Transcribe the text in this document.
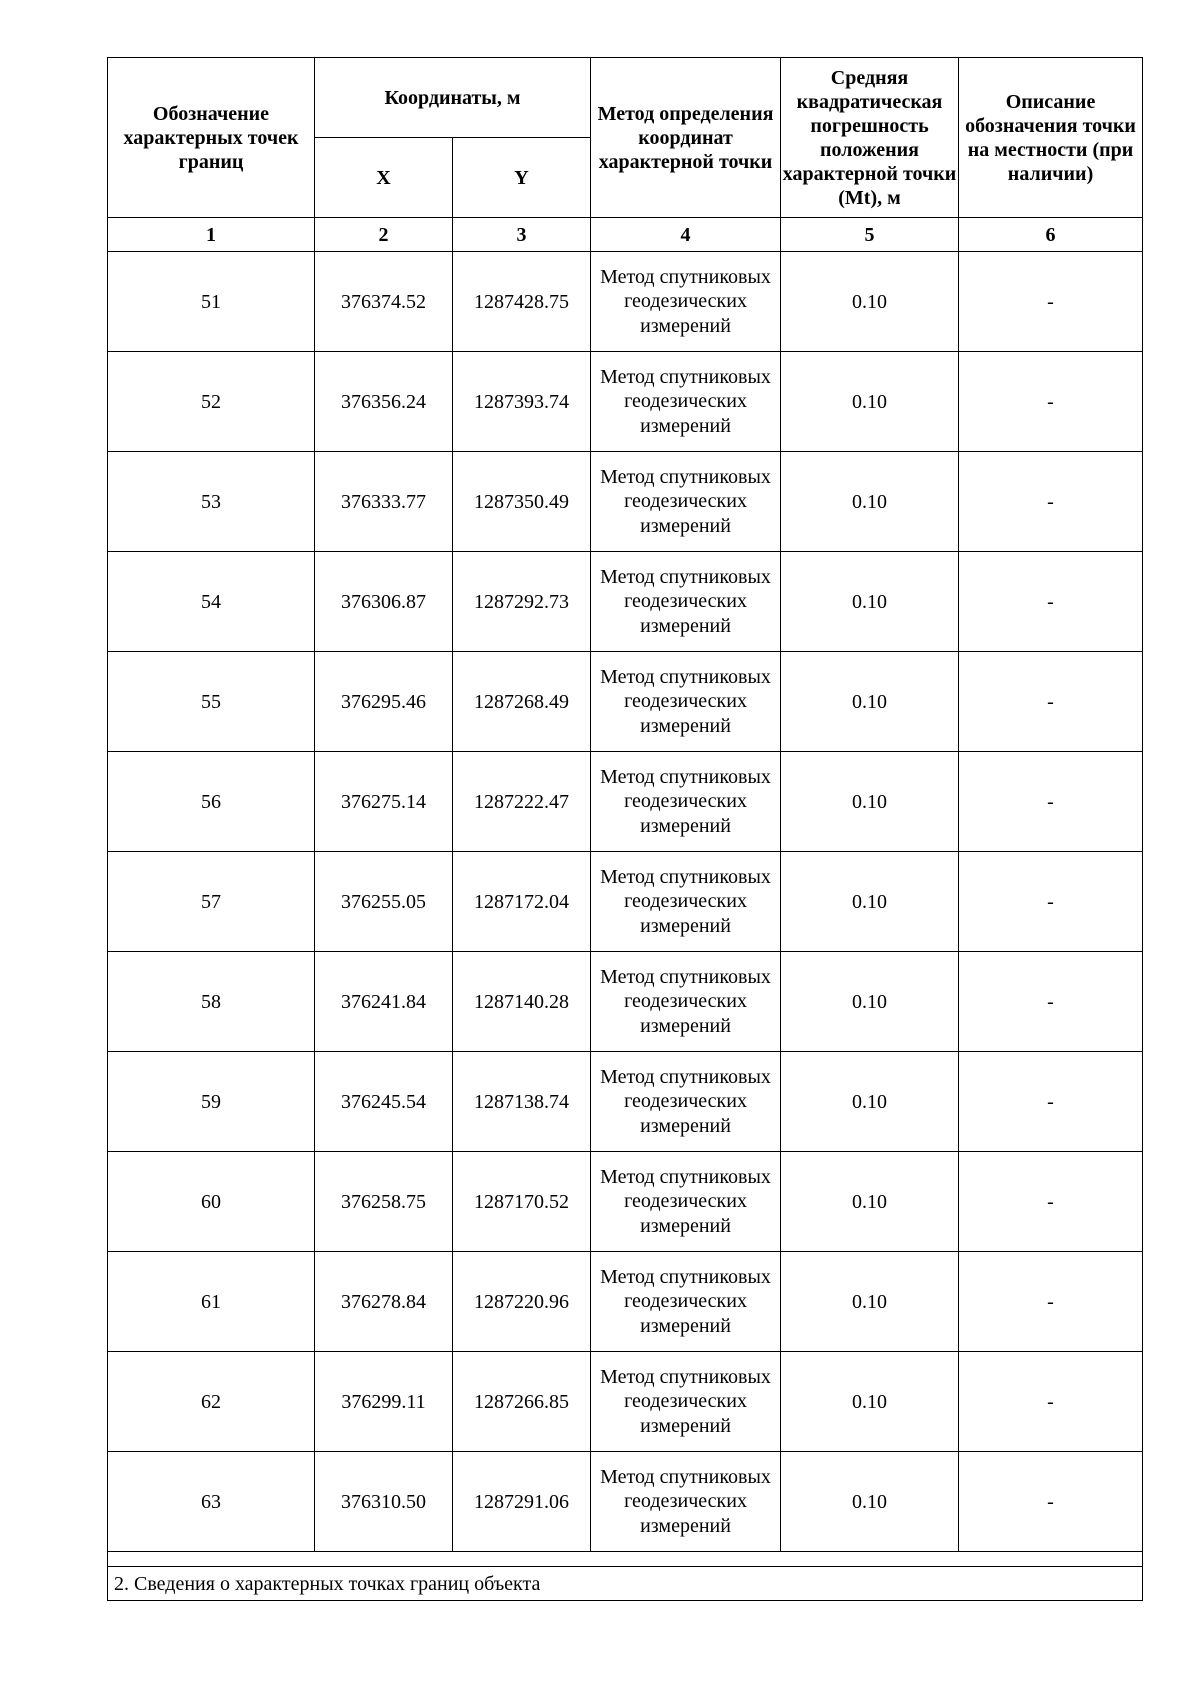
Обозначение характерных точек границ	Координаты, м		Метод определения координат характерной точки	Средняя квадратическая погрешность положения характерной точки (Mt), м	Описание обозначения точки на местности (при наличии)
	X	Y			
1	2	3	4	5	6
51	376374.52	1287428.75	Метод спутниковых геодезических измерений	0.10	-
52	376356.24	1287393.74	Метод спутниковых геодезических измерений	0.10	-
53	376333.77	1287350.49	Метод спутниковых геодезических измерений	0.10	-
54	376306.87	1287292.73	Метод спутниковых геодезических измерений	0.10	-
55	376295.46	1287268.49	Метод спутниковых геодезических измерений	0.10	-
56	376275.14	1287222.47	Метод спутниковых геодезических измерений	0.10	-
57	376255.05	1287172.04	Метод спутниковых геодезических измерений	0.10	-
58	376241.84	1287140.28	Метод спутниковых геодезических измерений	0.10	-
59	376245.54	1287138.74	Метод спутниковых геодезических измерений	0.10	-
60	376258.75	1287170.52	Метод спутниковых геодезических измерений	0.10	-
61	376278.84	1287220.96	Метод спутниковых геодезических измерений	0.10	-
62	376299.11	1287266.85	Метод спутниковых геодезических измерений	0.10	-
63	376310.50	1287291.06	Метод спутниковых геодезических измерений	0.10	-

2. Сведения о характерных точках границ объекта					
